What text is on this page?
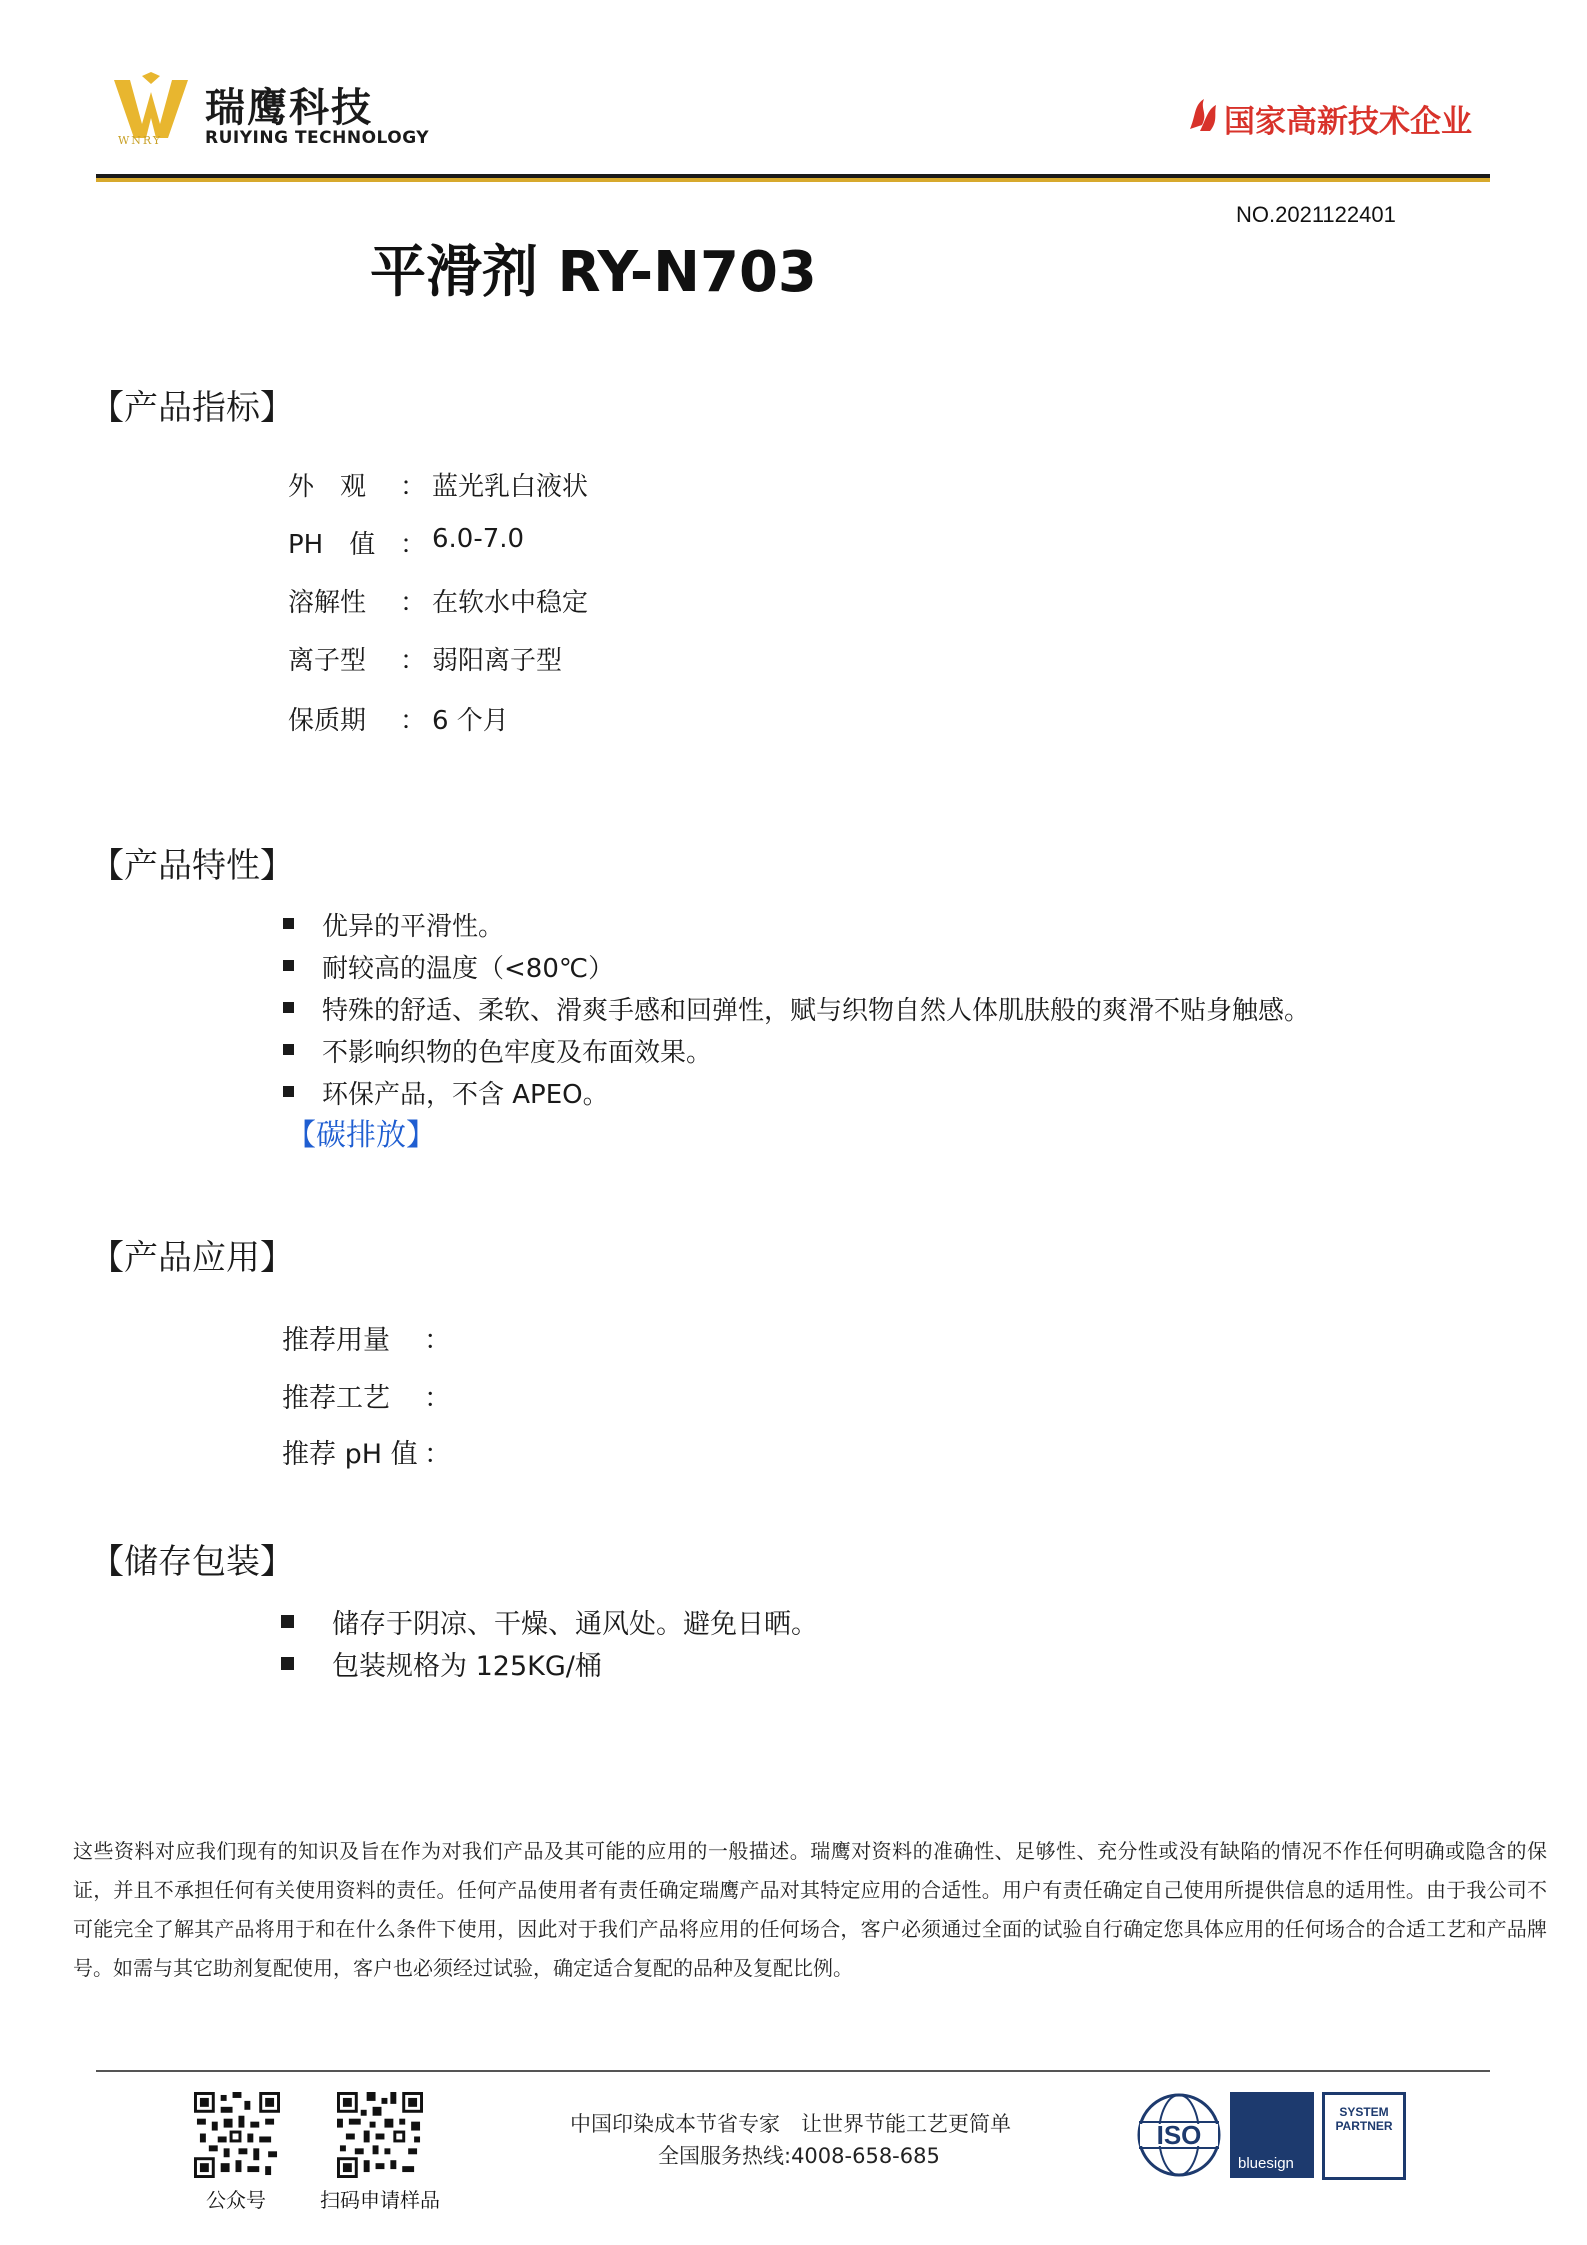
瑞鹰科技
RUIYING TECHNOLOGY
WNRY
国家高新技术企业
NO.2021122401
平滑剂 RY-N703
【产品指标】
外　观 ： 蓝光乳白液状
PH　值 ： 6.0-7.0
溶解性 ： 在软水中稳定
离子型 ： 弱阳离子型
保质期 ： 6 个月
【产品特性】
优异的平滑性。
耐较高的温度（<80℃）
特殊的舒适、柔软、滑爽手感和回弹性，赋与织物自然人体肌肤般的爽滑不贴身触感。
不影响织物的色牢度及布面效果。
环保产品，不含 APEO。
【碳排放】
【产品应用】
推荐用量 ：
推荐工艺 ：
推荐 pH 值 ：
【储存包装】
储存于阴凉、干燥、通风处。避免日晒。
包装规格为 125KG/桶
这些资料对应我们现有的知识及旨在作为对我们产品及其可能的应用的一般描述。瑞鹰对资料的准确性、足够性、充分性或没有缺陷的情况不作任何明确或隐含的保证，并且不承担任何有关使用资料的责任。任何产品使用者有责任确定瑞鹰产品对其特定应用的合适性。用户有责任确定自己使用所提供信息的适用性。由于我公司不可能完全了解其产品将用于和在什么条件下使用，因此对于我们产品将应用的任何场合，客户必须通过全面的试验自行确定您具体应用的任何场合的合适工艺和产品牌号。如需与其它助剂复配使用，客户也必须经过试验，确定适合复配的品种及复配比例。
公众号	扫码申请样品
中国印染成本节省专家　让世界节能工艺更简单
全国服务热线:4008-658-685
ISO
bluesign
SYSTEM PARTNER
